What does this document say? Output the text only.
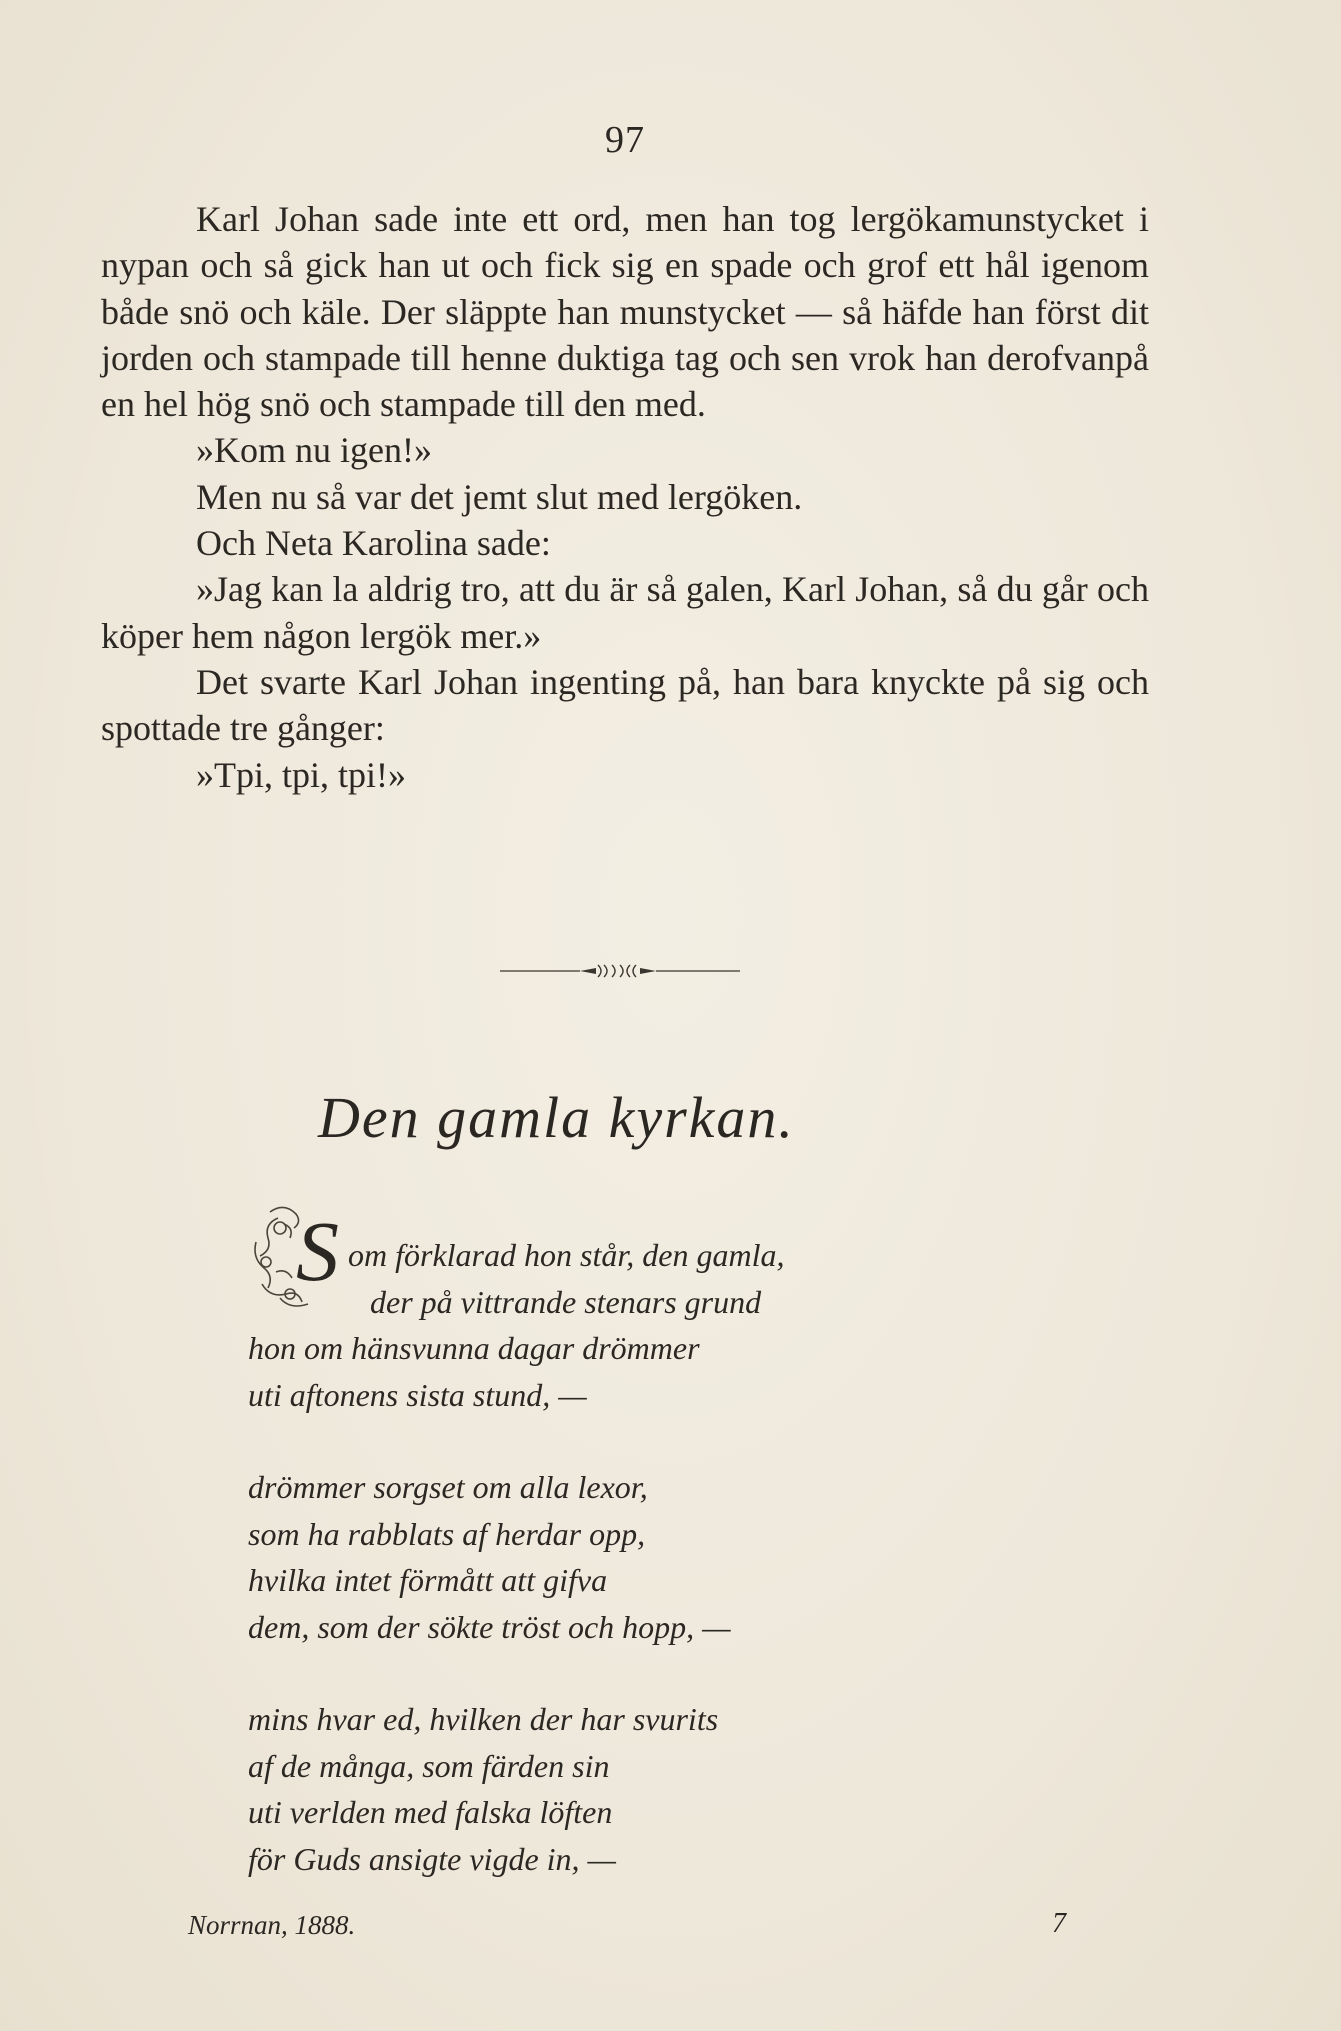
97

Karl Johan sade inte ett ord, men han tog lergökamunstycket i nypan och så gick han ut och fick sig en spade och grof ett hål igenom både snö och käle. Der släppte han munstycket — så häfde han först dit jorden och stampade till henne duktiga tag och sen vrok han derofvanpå en hel hög snö och stampade till den med.

»Kom nu igen!»

Men nu så var det jemt slut med lergöken.

Och Neta Karolina sade:

»Jag kan la aldrig tro, att du är så galen, Karl Johan, så du går och köper hem någon lergök mer.»

Det svarte Karl Johan ingenting på, han bara knyckte på sig och spottade tre gånger:

»Tpi, tpi, tpi!»

Den gamla kyrkan.
S om förklarad hon står, den gamla,
der på vittrande stenars grund
hon om hänsvunna dagar drömmer
uti aftonens sista stund, —
drömmer sorgset om alla lexor,
som ha rabblats af herdar opp,
hvilka intet förmått att gifva
dem, som der sökte tröst och hopp, —
mins hvar ed, hvilken der har svurits
af de många, som färden sin
uti verlden med falska löften
för Guds ansigte vigde in, —
Norrnan, 1888.	7
